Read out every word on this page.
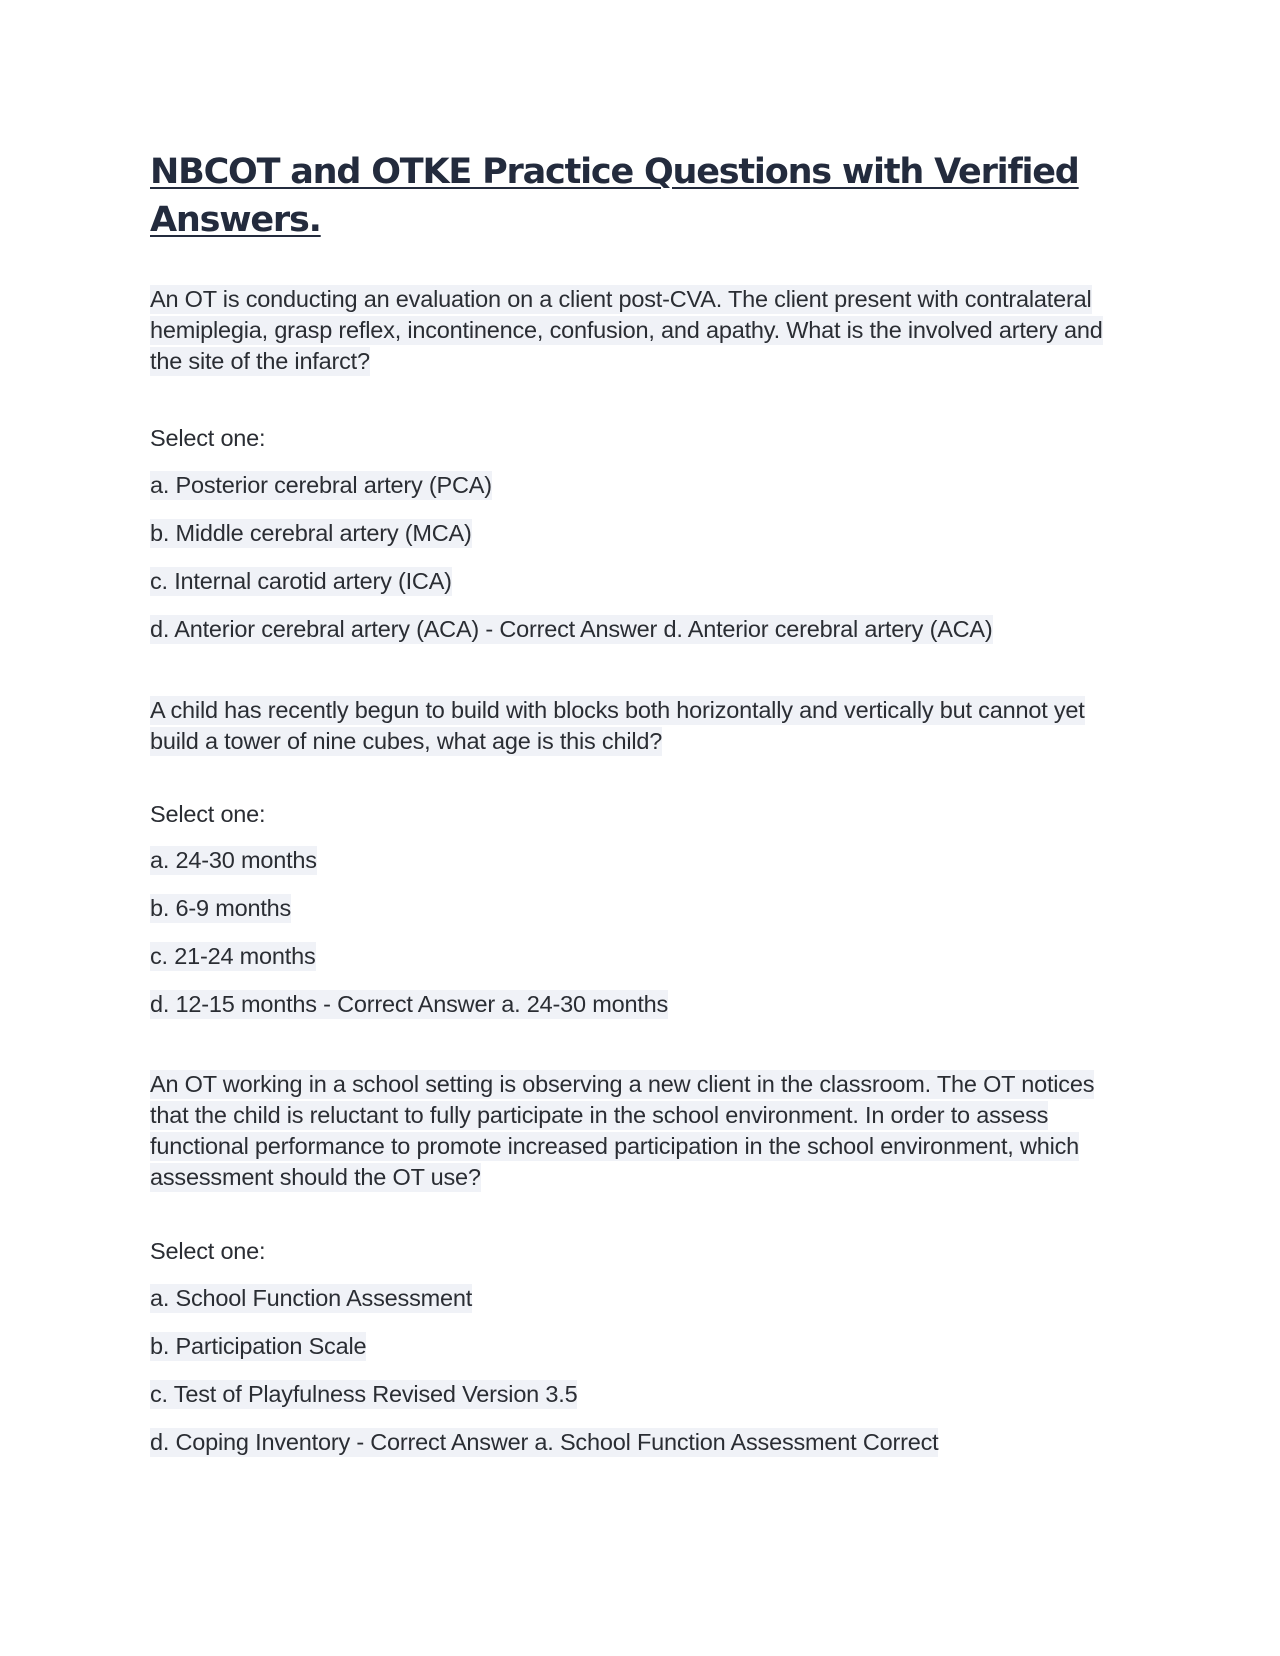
NBCOT and OTKE Practice Questions with Verified Answers.
An OT is conducting an evaluation on a client post-CVA. The client present with contralateral hemiplegia, grasp reflex, incontinence, confusion, and apathy. What is the involved artery and the site of the infarct?
Select one:
a. Posterior cerebral artery (PCA)
b. Middle cerebral artery (MCA)
c. Internal carotid artery (ICA)
d. Anterior cerebral artery (ACA) - Correct Answer d. Anterior cerebral artery (ACA)
A child has recently begun to build with blocks both horizontally and vertically but cannot yet build a tower of nine cubes, what age is this child?
Select one:
a. 24-30 months
b. 6-9 months
c. 21-24 months
d. 12-15 months - Correct Answer a. 24-30 months
An OT working in a school setting is observing a new client in the classroom. The OT notices that the child is reluctant to fully participate in the school environment. In order to assess functional performance to promote increased participation in the school environment, which assessment should the OT use?
Select one:
a. School Function Assessment
b. Participation Scale
c. Test of Playfulness Revised Version 3.5
d. Coping Inventory - Correct Answer a. School Function Assessment Correct
